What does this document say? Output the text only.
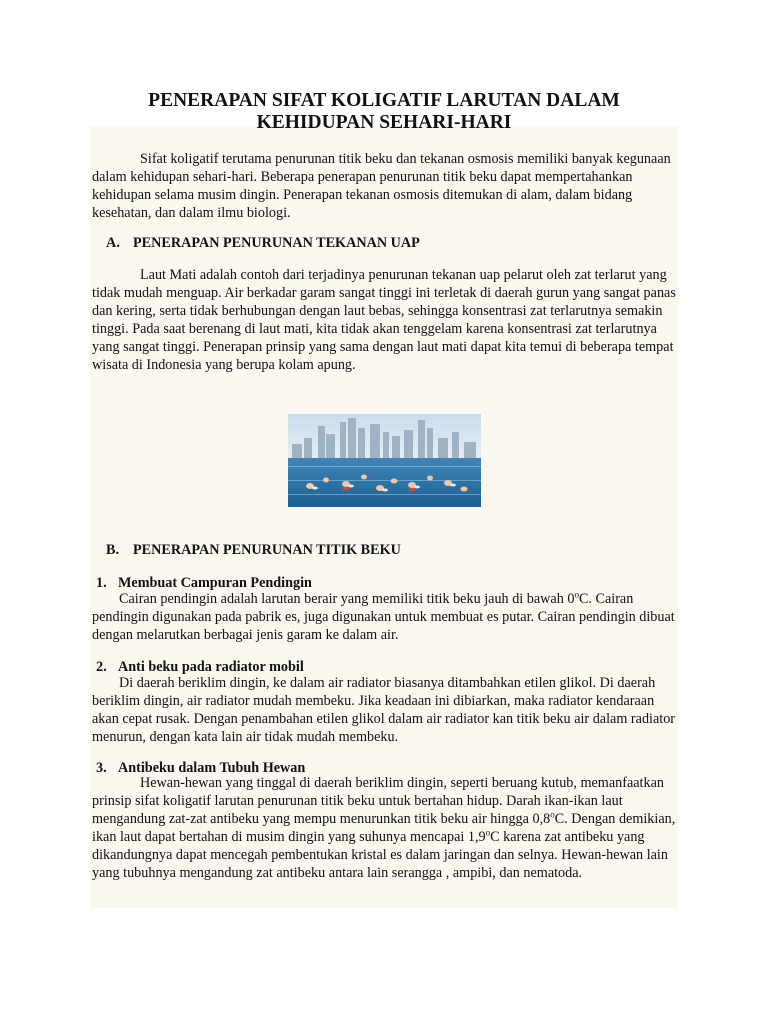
PENERAPAN SIFAT KOLIGATIF LARUTAN DALAM
KEHIDUPAN SEHARI-HARI

Sifat koligatif terutama penurunan titik beku dan tekanan osmosis memiliki banyak kegunaan dalam kehidupan sehari-hari. Beberapa penerapan penurunan titik beku dapat mempertahankan kehidupan selama musim dingin. Penerapan tekanan osmosis ditemukan di alam, dalam bidang kesehatan, dan dalam ilmu biologi.

A. PENERAPAN PENURUNAN TEKANAN UAP

Laut Mati adalah contoh dari terjadinya penurunan tekanan uap pelarut oleh zat terlarut yang tidak mudah menguap. Air berkadar garam sangat tinggi ini terletak di daerah gurun yang sangat panas dan kering, serta tidak berhubungan dengan laut bebas, sehingga konsentrasi zat terlarutnya semakin tinggi. Pada saat berenang di laut mati, kita tidak akan tenggelam karena konsentrasi zat terlarutnya yang sangat tinggi. Penerapan prinsip yang sama dengan laut mati dapat kita temui di beberapa tempat wisata di Indonesia yang berupa kolam apung.

B. PENERAPAN PENURUNAN TITIK BEKU

1. Membuat Campuran Pendingin

Cairan pendingin adalah larutan berair yang memiliki titik beku jauh di bawah 0$^o$C. Cairan pendingin digunakan pada pabrik es, juga digunakan untuk membuat es putar. Cairan pendingin dibuat dengan melarutkan berbagai jenis garam ke dalam air.

2. Anti beku pada radiator mobil

Di daerah beriklim dingin, ke dalam air radiator biasanya ditambahkan etilen glikol. Di daerah beriklim dingin, air radiator mudah membeku. Jika keadaan ini dibiarkan, maka radiator kendaraan akan cepat rusak. Dengan penambahan etilen glikol dalam air radiator kan titik beku air dalam radiator menurun, dengan kata lain air tidak mudah membeku.

3. Antibeku dalam Tubuh Hewan

Hewan-hewan yang tinggal di daerah beriklim dingin, seperti beruang kutub, memanfaatkan prinsip sifat koligatif larutan penurunan titik beku untuk bertahan hidup. Darah ikan-ikan laut mengandung zat-zat antibeku yang mempu menurunkan titik beku air hingga 0,8$^o$C. Dengan demikian, ikan laut dapat bertahan di musim dingin yang suhunya mencapai 1,9$^o$C karena zat antibeku yang dikandungnya dapat mencegah pembentukan kristal es dalam jaringan dan selnya. Hewan-hewan lain yang tubuhnya mengandung zat antibeku antara lain serangga , ampibi, dan nematoda.
